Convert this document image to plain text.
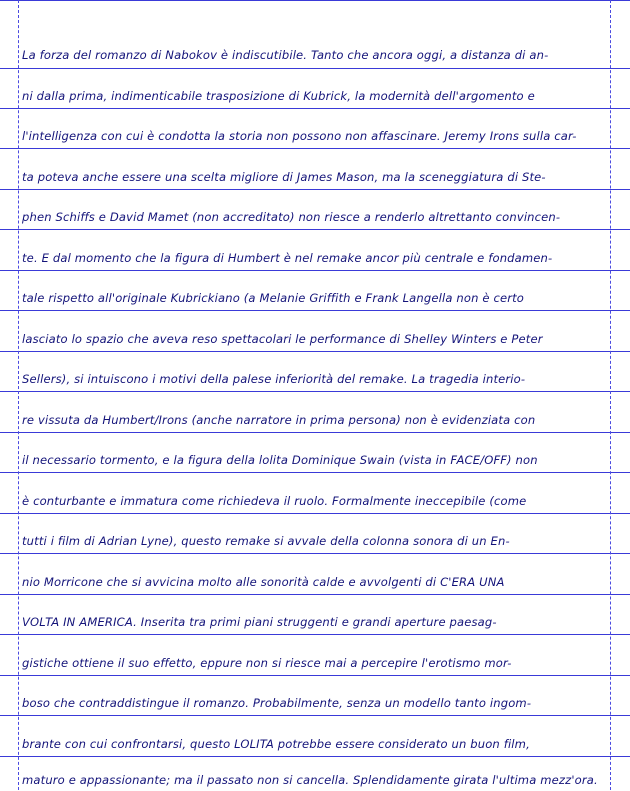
La forza del romanzo di Nabokov è indiscutibile. Tanto che ancora oggi, a distanza di an-
ni dalla prima, indimenticabile trasposizione di Kubrick, la modernità dell'argomento e
l'intelligenza con cui è condotta la storia non possono non affascinare. Jeremy Irons sulla car-
ta poteva anche essere una scelta migliore di James Mason, ma la sceneggiatura di Ste-
phen Schiffs e David Mamet (non accreditato) non riesce a renderlo altrettanto convincen-
te. E dal momento che la figura di Humbert è nel remake ancor più centrale e fondamen-
tale rispetto all'originale Kubrickiano (a Melanie Griffith e Frank Langella non è certo
lasciato lo spazio che aveva reso spettacolari le performance di Shelley Winters e Peter
Sellers), si intuiscono i motivi della palese inferiorità del remake. La tragedia interio-
re vissuta da Humbert/Irons (anche narratore in prima persona) non è evidenziata con
il necessario tormento, e la figura della lolita Dominique Swain (vista in FACE/OFF) non
è conturbante e immatura come richiedeva il ruolo. Formalmente ineccepibile (come
tutti i film di Adrian Lyne), questo remake si avvale della colonna sonora di un En-
nio Morricone che si avvicina molto alle sonorità calde e avvolgenti di C'ERA UNA
VOLTA IN AMERICA. Inserita tra primi piani struggenti e grandi aperture paesag-
gistiche ottiene il suo effetto, eppure non si riesce mai a percepire l'erotismo mor-
boso che contraddistingue il romanzo. Probabilmente, senza un modello tanto ingom-
brante con cui confrontarsi, questo LOLITA potrebbe essere considerato un buon film,
maturo e appassionante; ma il passato non si cancella. Splendidamente girata l'ultima mezz'ora.
